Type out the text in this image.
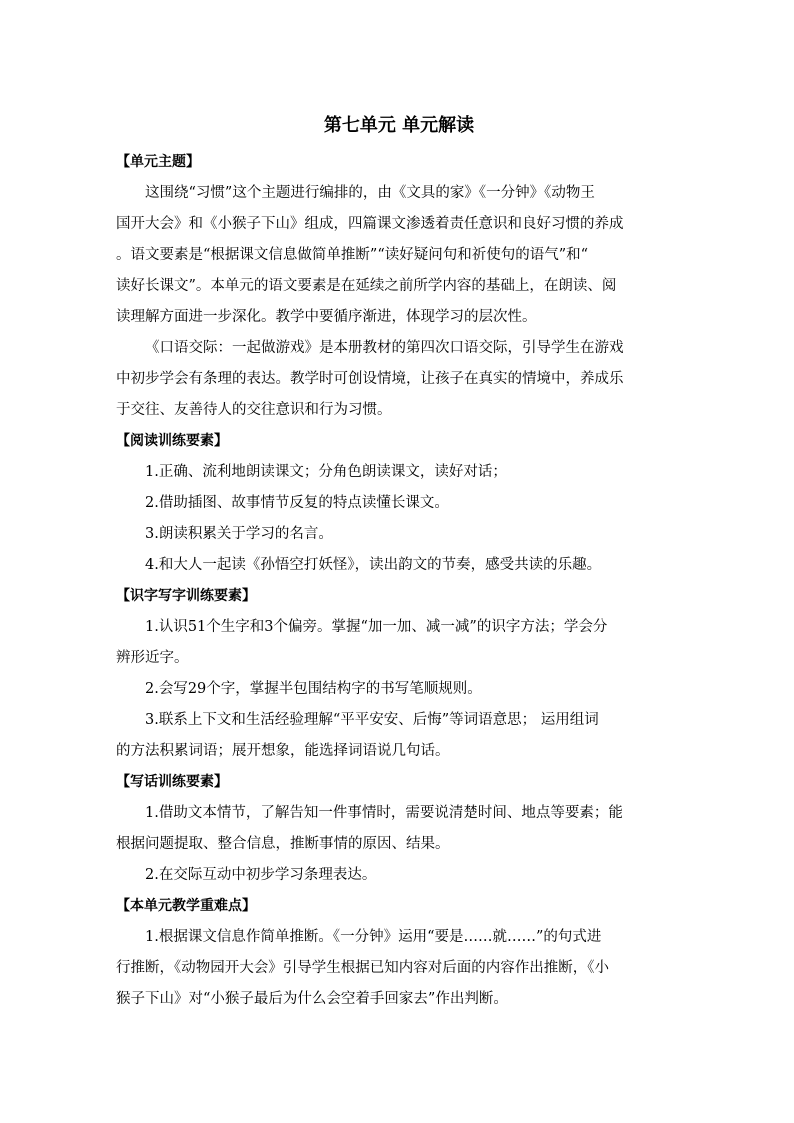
第七单元 单元解读
【单元主题】
这围绕“习惯”这个主题进行编排的，由《文具的家》《一分钟》《动物王
国开大会》和《小猴子下山》组成，四篇课文渗透着责任意识和良好习惯的养成
。语文要素是“根据课文信息做简单推断”“读好疑问句和祈使句的语气”和“
读好长课文”。本单元的语文要素是在延续之前所学内容的基础上，在朗读、阅
读理解方面进一步深化。教学中要循序渐进，体现学习的层次性。
《口语交际：一起做游戏》是本册教材的第四次口语交际，引导学生在游戏
中初步学会有条理的表达。教学时可创设情境，让孩子在真实的情境中，养成乐
于交往、友善待人的交往意识和行为习惯。
【阅读训练要素】
1.正确、流利地朗读课文；分角色朗读课文，读好对话；
2.借助插图、故事情节反复的特点读懂长课文。
3.朗读积累关于学习的名言。
4.和大人一起读《孙悟空打妖怪》，读出韵文的节奏，感受共读的乐趣。
【识字写字训练要素】
1.认识51个生字和3个偏旁。掌握“加一加、减一减”的识字方法；学会分
辨形近字。
2.会写29个字，掌握半包围结构字的书写笔顺规则。
3.联系上下文和生活经验理解“平平安安、后悔”等词语意思； 运用组词
的方法积累词语；展开想象，能选择词语说几句话。
【写话训练要素】
1.借助文本情节，了解告知一件事情时，需要说清楚时间、地点等要素；能
根据问题提取、整合信息，推断事情的原因、结果。
2.在交际互动中初步学习条理表达。
【本单元教学重难点】
1.根据课文信息作简单推断。《一分钟》运用“要是……就……”的句式进
行推断，《动物园开大会》引导学生根据已知内容对后面的内容作出推断，《小
猴子下山》对“小猴子最后为什么会空着手回家去”作出判断。
